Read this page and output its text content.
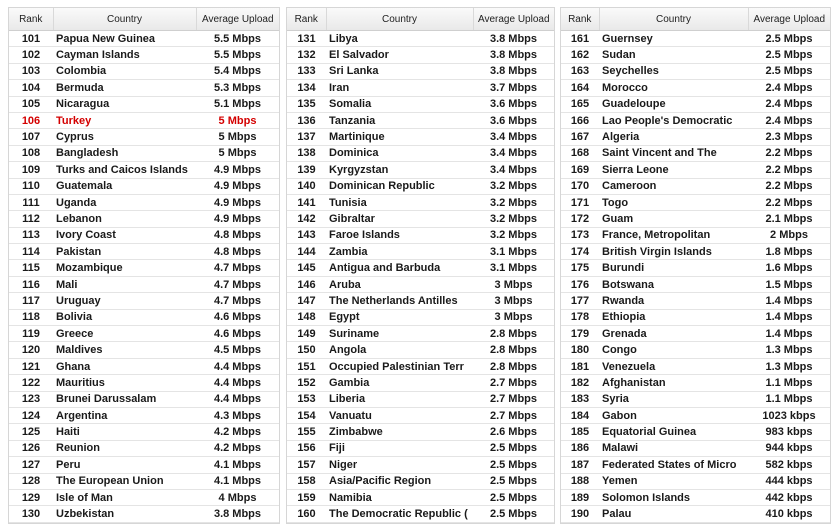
Rank	Country	Average Upload
101	Papua New Guinea	5.5 Mbps
102	Cayman Islands	5.5 Mbps
103	Colombia	5.4 Mbps
104	Bermuda	5.3 Mbps
105	Nicaragua	5.1 Mbps
106	Turkey	5 Mbps
107	Cyprus	5 Mbps
108	Bangladesh	5 Mbps
109	Turks and Caicos Islands	4.9 Mbps
110	Guatemala	4.9 Mbps
111	Uganda	4.9 Mbps
112	Lebanon	4.9 Mbps
113	Ivory Coast	4.8 Mbps
114	Pakistan	4.8 Mbps
115	Mozambique	4.7 Mbps
116	Mali	4.7 Mbps
117	Uruguay	4.7 Mbps
118	Bolivia	4.6 Mbps
119	Greece	4.6 Mbps
120	Maldives	4.5 Mbps
121	Ghana	4.4 Mbps
122	Mauritius	4.4 Mbps
123	Brunei Darussalam	4.4 Mbps
124	Argentina	4.3 Mbps
125	Haiti	4.2 Mbps
126	Reunion	4.2 Mbps
127	Peru	4.1 Mbps
128	The European Union	4.1 Mbps
129	Isle of Man	4 Mbps
130	Uzbekistan	3.8 Mbps
Rank	Country	Average Upload
131	Libya	3.8 Mbps
132	El Salvador	3.8 Mbps
133	Sri Lanka	3.8 Mbps
134	Iran	3.7 Mbps
135	Somalia	3.6 Mbps
136	Tanzania	3.6 Mbps
137	Martinique	3.4 Mbps
138	Dominica	3.4 Mbps
139	Kyrgyzstan	3.4 Mbps
140	Dominican Republic	3.2 Mbps
141	Tunisia	3.2 Mbps
142	Gibraltar	3.2 Mbps
143	Faroe Islands	3.2 Mbps
144	Zambia	3.1 Mbps
145	Antigua and Barbuda	3.1 Mbps
146	Aruba	3 Mbps
147	The Netherlands Antilles	3 Mbps
148	Egypt	3 Mbps
149	Suriname	2.8 Mbps
150	Angola	2.8 Mbps
151	Occupied Palestinian Terr	2.8 Mbps
152	Gambia	2.7 Mbps
153	Liberia	2.7 Mbps
154	Vanuatu	2.7 Mbps
155	Zimbabwe	2.6 Mbps
156	Fiji	2.5 Mbps
157	Niger	2.5 Mbps
158	Asia/Pacific Region	2.5 Mbps
159	Namibia	2.5 Mbps
160	The Democratic Republic (	2.5 Mbps
Rank	Country	Average Upload
161	Guernsey	2.5 Mbps
162	Sudan	2.5 Mbps
163	Seychelles	2.5 Mbps
164	Morocco	2.4 Mbps
165	Guadeloupe	2.4 Mbps
166	Lao People's Democratic	2.4 Mbps
167	Algeria	2.3 Mbps
168	Saint Vincent and The	2.2 Mbps
169	Sierra Leone	2.2 Mbps
170	Cameroon	2.2 Mbps
171	Togo	2.2 Mbps
172	Guam	2.1 Mbps
173	France, Metropolitan	2 Mbps
174	British Virgin Islands	1.8 Mbps
175	Burundi	1.6 Mbps
176	Botswana	1.5 Mbps
177	Rwanda	1.4 Mbps
178	Ethiopia	1.4 Mbps
179	Grenada	1.4 Mbps
180	Congo	1.3 Mbps
181	Venezuela	1.3 Mbps
182	Afghanistan	1.1 Mbps
183	Syria	1.1 Mbps
184	Gabon	1023 kbps
185	Equatorial Guinea	983 kbps
186	Malawi	944 kbps
187	Federated States of Micro	582 kbps
188	Yemen	444 kbps
189	Solomon Islands	442 kbps
190	Palau	410 kbps
